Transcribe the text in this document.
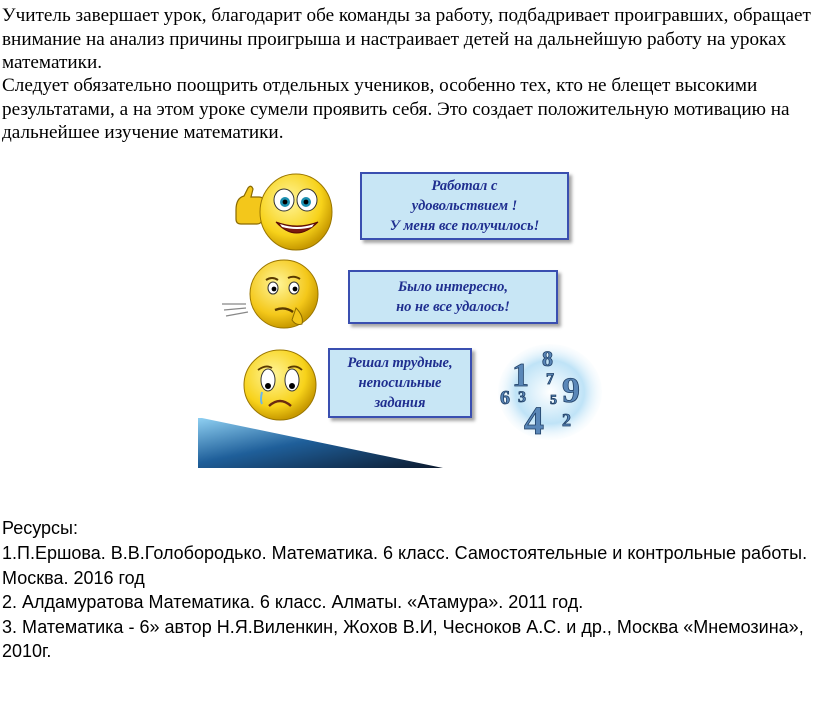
Учитель завершает урок, благодарит обе команды за работу, подбадривает проигравших, обращает внимание на анализ причины проигрыша и настраивает детей на дальнейшую работу на уроках математики.

Следует обязательно поощрить отдельных учеников, особенно тех, кто не блещет высокими результатами, а на этом уроке сумели проявить себя. Это создает положительную мотивацию на дальнейшее изучение математики.

Работал с
удовольствием !
У меня все получилось!
Было интересно,
но не все удалось!
Решал трудные,
непосильные
задания
1 8
7
6 3 5 9
4 2

Ресурсы:

1.П.Ершова. В.В.Голобородько. Математика. 6 класс. Самостоятельные и контрольные работы. Москва. 2016 год
2. Алдамуратова Математика. 6 класс. Алматы. «Атамура». 2011 год.
3. Математика - 6» автор Н.Я.Виленкин, Жохов В.И, Чесноков А.С. и др., Москва «Мнемозина», 2010г.
